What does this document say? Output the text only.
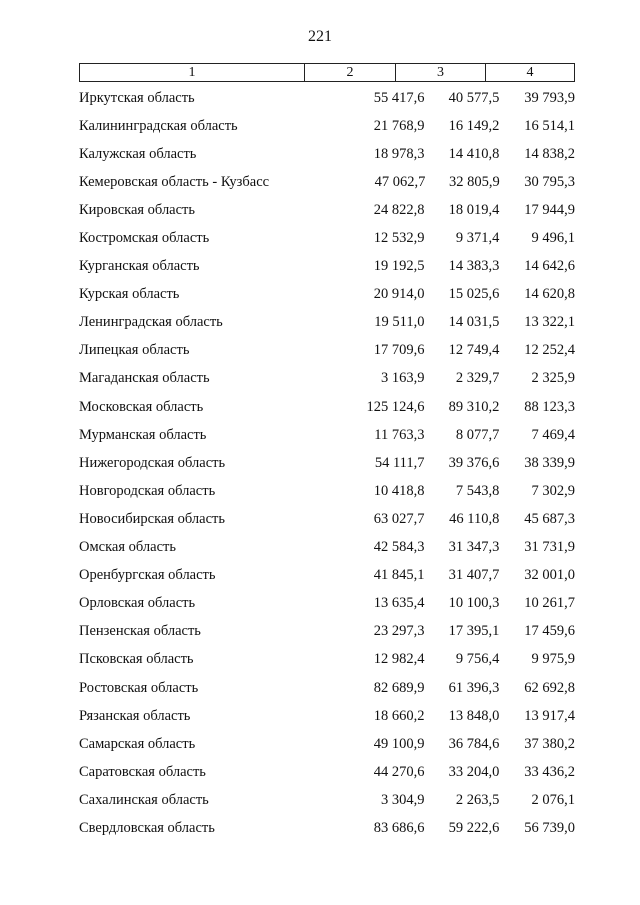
221
1	2	3	4
Иркутская область	55 417,6	40 577,5	39 793,9
Калининградская область	21 768,9	16 149,2	16 514,1
Калужская область	18 978,3	14 410,8	14 838,2
Кемеровская область - Кузбасс	47 062,7	32 805,9	30 795,3
Кировская область	24 822,8	18 019,4	17 944,9
Костромская область	12 532,9	9 371,4	9 496,1
Курганская область	19 192,5	14 383,3	14 642,6
Курская область	20 914,0	15 025,6	14 620,8
Ленинградская область	19 511,0	14 031,5	13 322,1
Липецкая область	17 709,6	12 749,4	12 252,4
Магаданская область	3 163,9	2 329,7	2 325,9
Московская область	125 124,6	89 310,2	88 123,3
Мурманская область	11 763,3	8 077,7	7 469,4
Нижегородская область	54 111,7	39 376,6	38 339,9
Новгородская область	10 418,8	7 543,8	7 302,9
Новосибирская область	63 027,7	46 110,8	45 687,3
Омская область	42 584,3	31 347,3	31 731,9
Оренбургская область	41 845,1	31 407,7	32 001,0
Орловская область	13 635,4	10 100,3	10 261,7
Пензенская область	23 297,3	17 395,1	17 459,6
Псковская область	12 982,4	9 756,4	9 975,9
Ростовская область	82 689,9	61 396,3	62 692,8
Рязанская область	18 660,2	13 848,0	13 917,4
Самарская область	49 100,9	36 784,6	37 380,2
Саратовская область	44 270,6	33 204,0	33 436,2
Сахалинская область	3 304,9	2 263,5	2 076,1
Свердловская область	83 686,6	59 222,6	56 739,0
